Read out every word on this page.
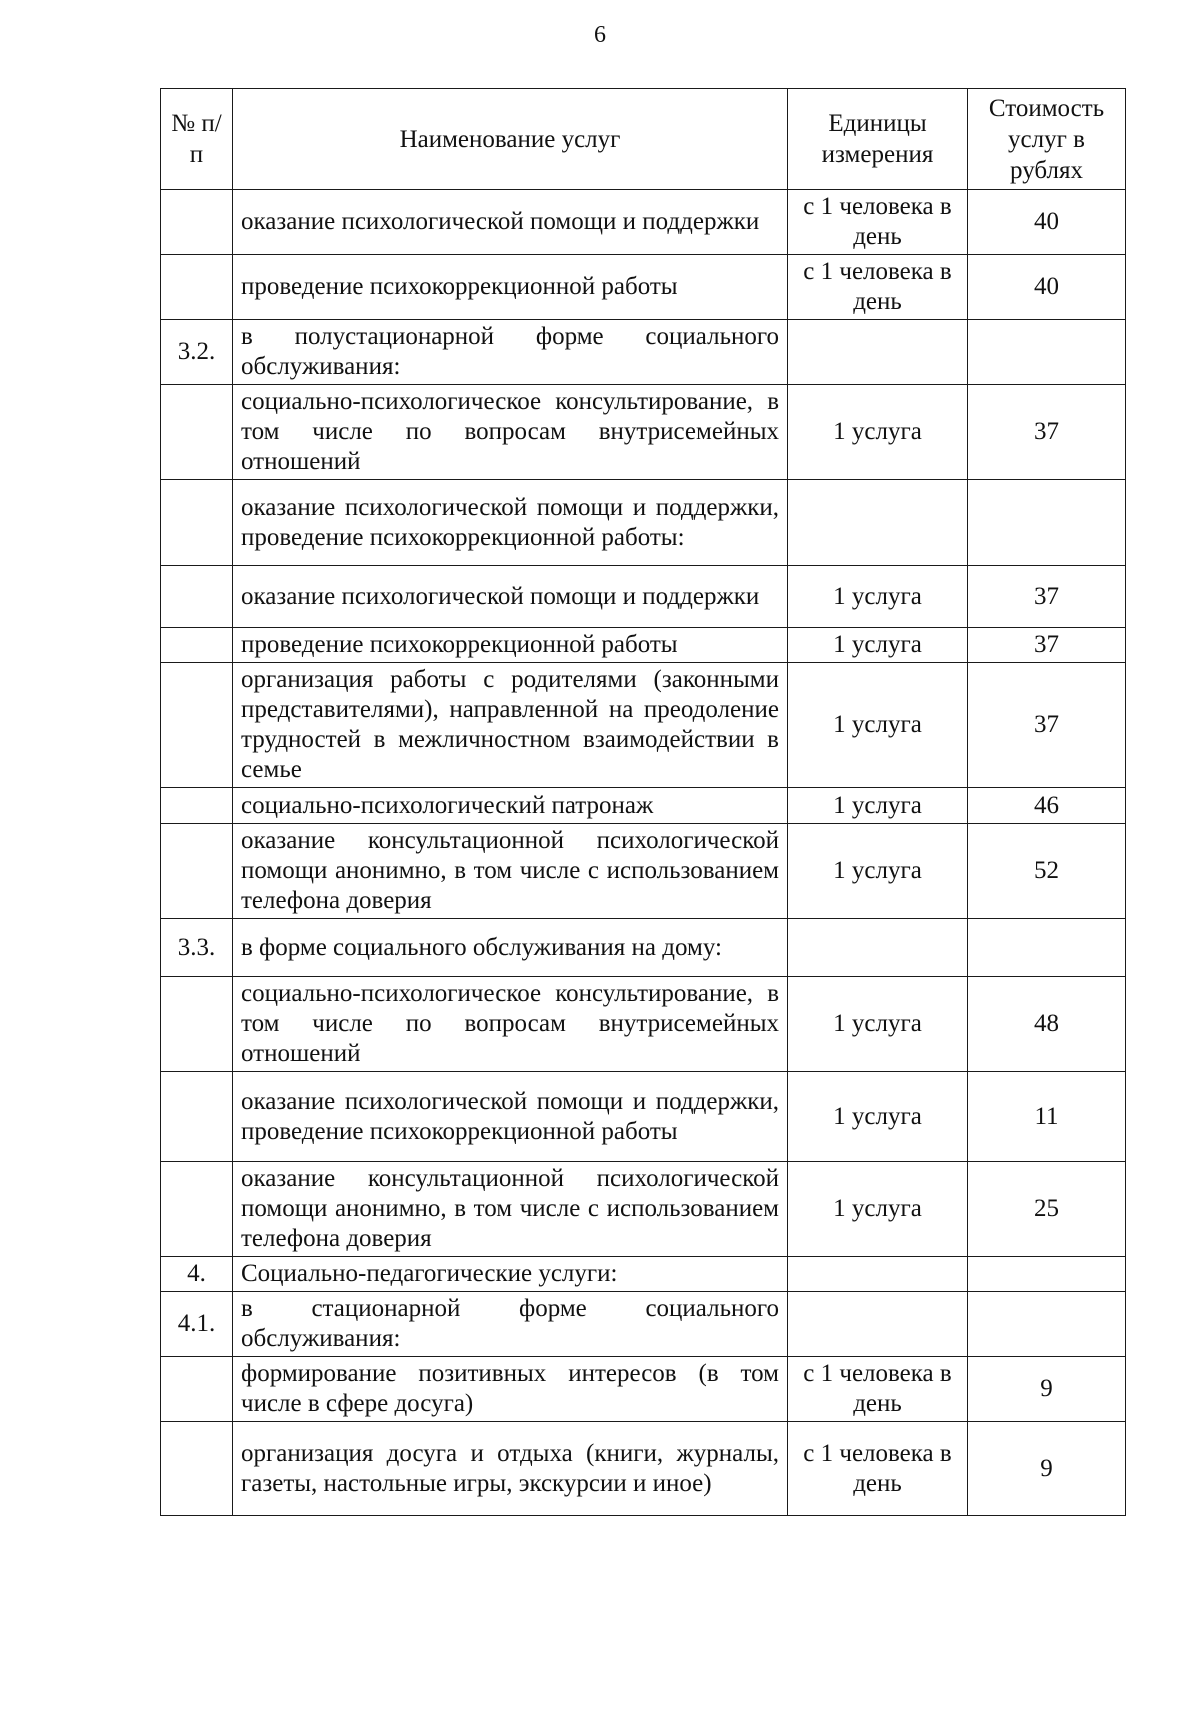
6
№ п/п	Наименование услуг	Единицы измерения	Стоимость услуг в рублях
	оказание психологической помощи и поддержки	с 1 человека в день	40
	проведение психокоррекционной работы	с 1 человека в день	40
3.2.	в полустационарной форме социального обслуживания:		
	социально-психологическое консультирование, в том числе по вопросам внутрисемейных отношений	1 услуга	37
	оказание психологической помощи и поддержки, проведение психокоррекционной работы:		
	оказание психологической помощи и поддержки	1 услуга	37
	проведение психокоррекционной работы	1 услуга	37
	организация работы с родителями (законными представителями), направленной на преодоление трудностей в межличностном взаимодействии в семье	1 услуга	37
	социально-психологический патронаж	1 услуга	46
	оказание консультационной психологической помощи анонимно, в том числе с использованием телефона доверия	1 услуга	52
3.3.	в форме социального обслуживания на дому:		
	социально-психологическое консультирование, в том числе по вопросам внутрисемейных отношений	1 услуга	48
	оказание психологической помощи и поддержки, проведение психокоррекционной работы	1 услуга	11
	оказание консультационной психологической помощи анонимно, в том числе с использованием телефона доверия	1 услуга	25
4.	Социально-педагогические услуги:		
4.1.	в стационарной форме социального обслуживания:		
	формирование позитивных интересов (в том числе в сфере досуга)	с 1 человека в день	9
	организация досуга и отдыха (книги, журналы, газеты, настольные игры, экскурсии и иное)	с 1 человека в день	9
